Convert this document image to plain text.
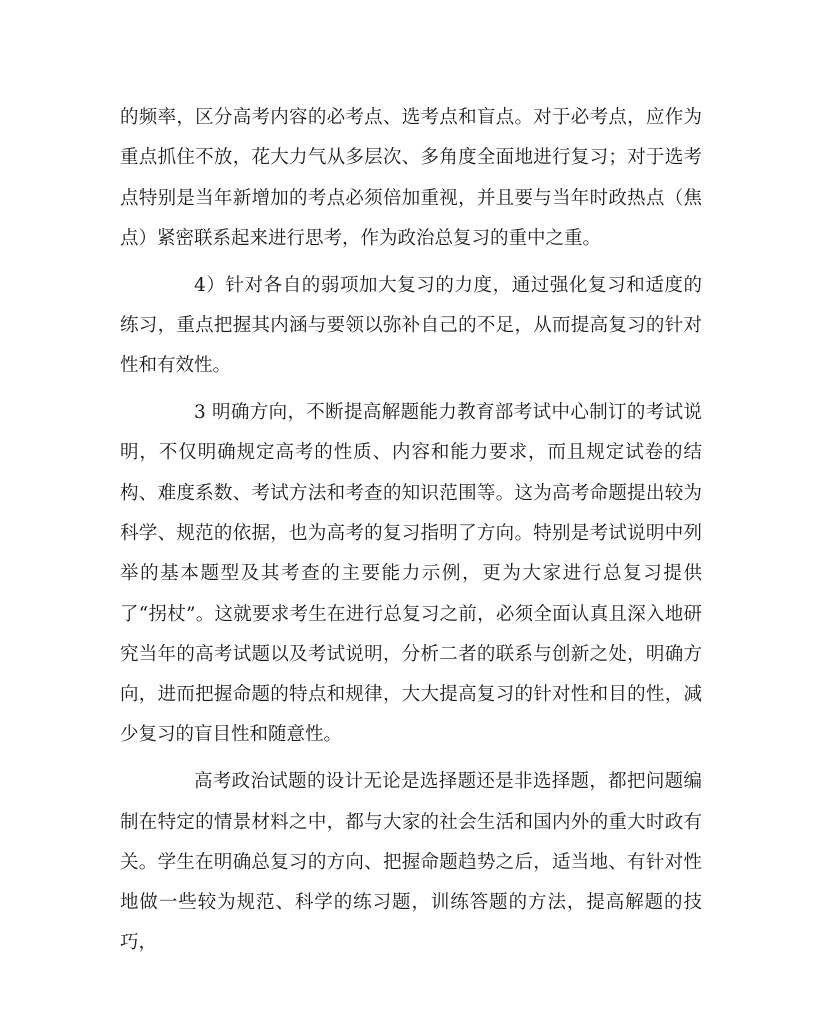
的频率，区分高考内容的必考点、选考点和盲点。对于必考点，应作为重点抓住不放，花大力气从多层次、多角度全面地进行复习；对于选考点特别是当年新增加的考点必须倍加重视，并且要与当年时政热点（焦点）紧密联系起来进行思考，作为政治总复习的重中之重。

4）针对各自的弱项加大复习的力度，通过强化复习和适度的练习，重点把握其内涵与要领以弥补自己的不足，从而提高复习的针对性和有效性。

3 明确方向，不断提高解题能力教育部考试中心制订的考试说明，不仅明确规定高考的性质、内容和能力要求，而且规定试卷的结构、难度系数、考试方法和考查的知识范围等。这为高考命题提出较为科学、规范的依据，也为高考的复习指明了方向。特别是考试说明中列举的基本题型及其考查的主要能力示例，更为大家进行总复习提供了“拐杖”。这就要求考生在进行总复习之前，必须全面认真且深入地研究当年的高考试题以及考试说明，分析二者的联系与创新之处，明确方向，进而把握命题的特点和规律，大大提高复习的针对性和目的性，减少复习的盲目性和随意性。

高考政治试题的设计无论是选择题还是非选择题，都把问题编制在特定的情景材料之中，都与大家的社会生活和国内外的重大时政有关。学生在明确总复习的方向、把握命题趋势之后，适当地、有针对性地做一些较为规范、科学的练习题，训练答题的方法，提高解题的技巧，
